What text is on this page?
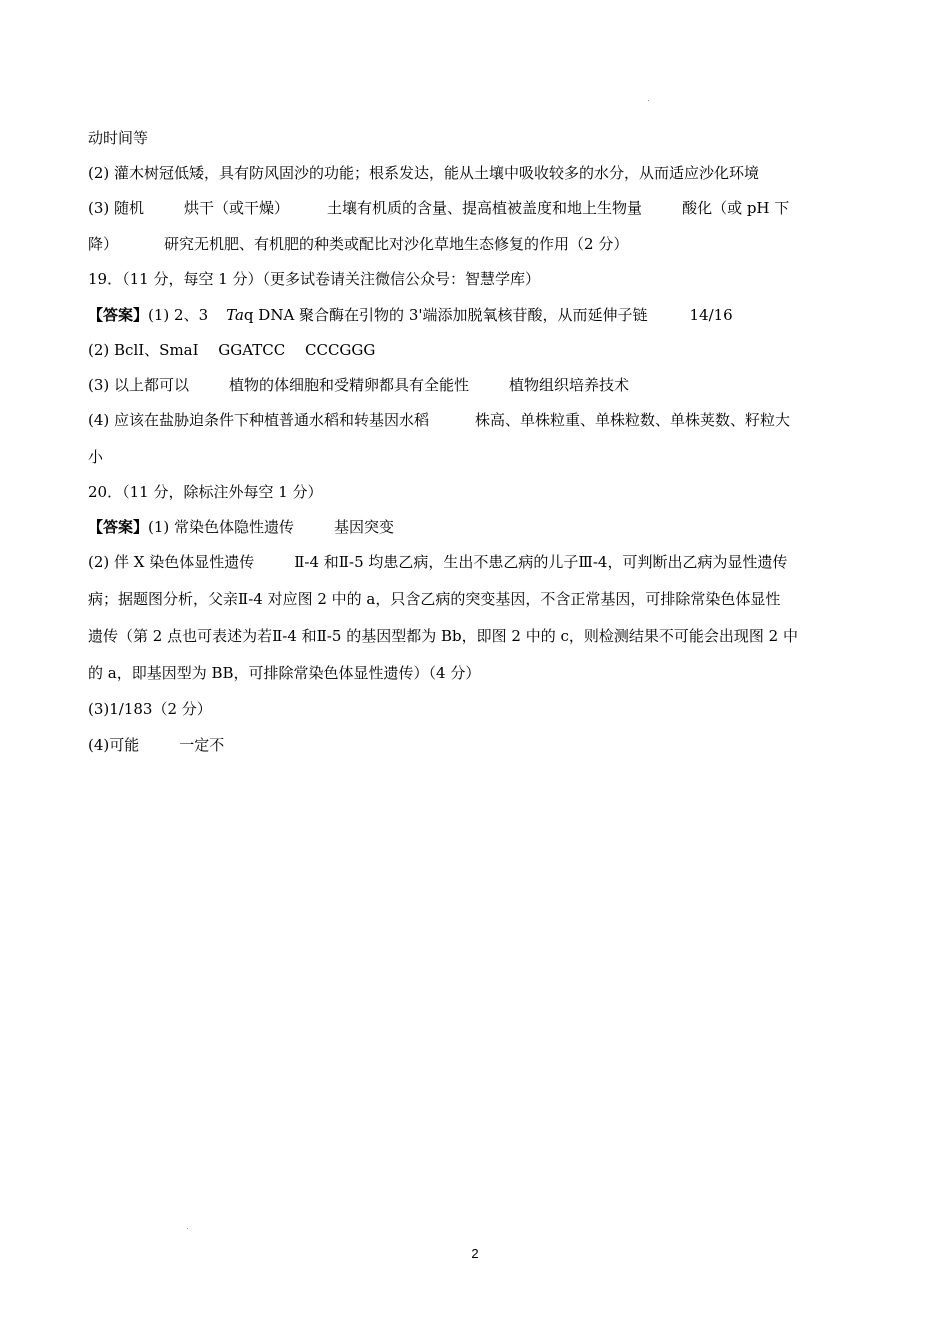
动时间等
(2) 灌木树冠低矮，具有防风固沙的功能；根系发达，能从土壤中吸收较多的水分，从而适应沙化环境
(3) 随机	烘干（或干燥）	土壤有机质的含量、提高植被盖度和地上生物量	酸化（或 pH 下
降）	研究无机肥、有机肥的种类或配比对沙化草地生态修复的作用（2 分）
19．（11 分，每空 1 分）（更多试卷请关注微信公众号：智慧学库）
【答案】(1) 2、3 Taq DNA 聚合酶在引物的 3'端添加脱氧核苷酸，从而延伸子链	14/16
(2) BclⅠ、SmaⅠ　 GGATCC　 CCCGGG
(3) 以上都可以	植物的体细胞和受精卵都具有全能性	植物组织培养技术
(4) 应该在盐胁迫条件下种植普通水稻和转基因水稻	株高、单株粒重、单株粒数、单株荚数、籽粒大
小
20．（11 分，除标注外每空 1 分）
【答案】(1) 常染色体隐性遗传	基因突变
(2) 伴 X 染色体显性遗传	Ⅱ-4 和Ⅱ-5 均患乙病，生出不患乙病的儿子Ⅲ-4，可判断出乙病为显性遗传
病；据题图分析，父亲Ⅱ-4 对应图 2 中的 a，只含乙病的突变基因，不含正常基因，可排除常染色体显性
遗传（第 2 点也可表述为若Ⅱ-4 和Ⅱ-5 的基因型都为 Bb，即图 2 中的 c，则检测结果不可能会出现图 2 中
的 a，即基因型为 BB，可排除常染色体显性遗传）（4 分）
(3)1/183（2 分）
(4)可能	一定不
2
